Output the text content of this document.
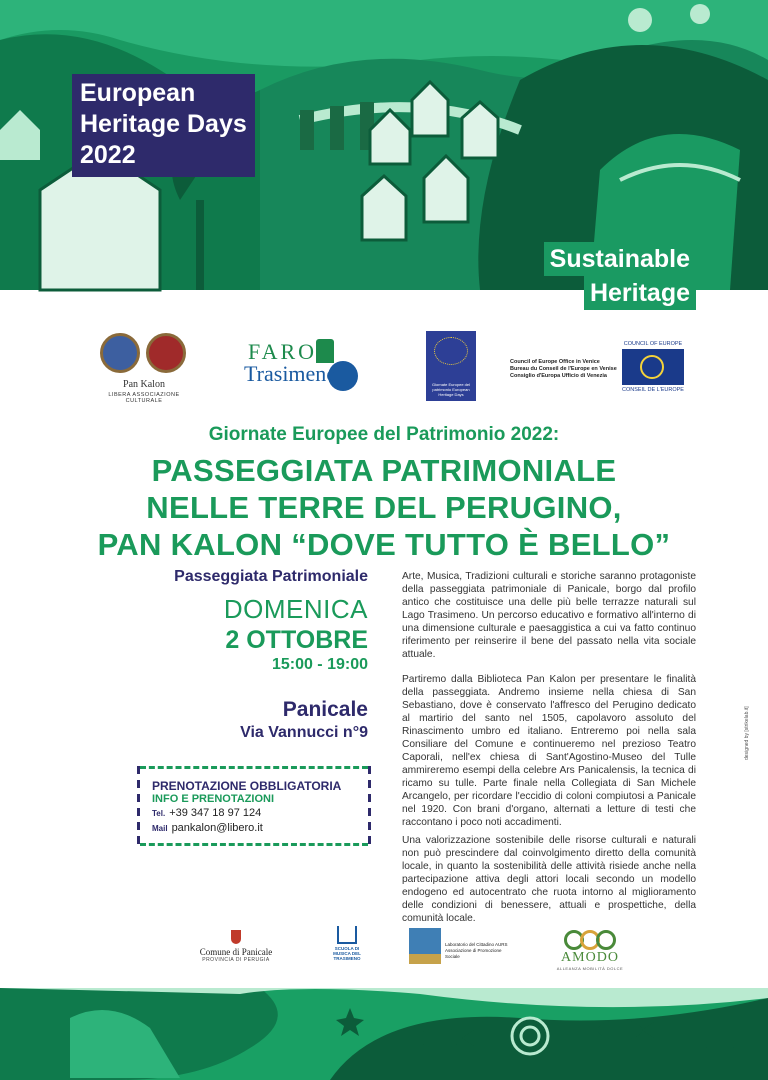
European
Heritage Days
2022
Sustainable
Heritage
Pan Kalon
LIBERA ASSOCIAZIONE CULTURALE
FARO
Trasimeno	Giornate Europee del patrimonio European Heritage Days
Council of Europe Office in Venice
Bureau du Conseil de l'Europe en Venise
Consiglio d'Europa Ufficio di Venezia
COUNCIL OF EUROPE
CONSEIL DE L'EUROPE
Giornate Europee del Patrimonio 2022:
PASSEGGIATA PATRIMONIALE
NELLE TERRE DEL PERUGINO,
PAN KALON “DOVE TUTTO È BELLO”
Passeggiata Patrimoniale
DOMENICA
2 OTTOBRE
15:00 - 19:00
Panicale
Via Vannucci n°9
PRENOTAZIONE OBBLIGATORIA
INFO E PRENOTAZIONI
Tel. +39 347 18 97 124
Mail pankalon@libero.it

Arte, Musica, Tradizioni culturali e storiche saranno protagoniste della passeggiata patrimoniale di Panicale, borgo dal profilo antico che costituisce una delle più belle terrazze naturali sul Lago Trasimeno. Un percorso educativo e formativo all'interno di una dimensione culturale e paesaggistica a cui va fatto continuo riferimento per reinserire il bene del passato nella vita sociale attuale.

Partiremo dalla Biblioteca Pan Kalon per presentare le finalità della passeggiata. Andremo insieme nella chiesa di San Sebastiano, dove è conservato l'affresco del Perugino dedicato al martirio del santo nel 1505, capolavoro assoluto del Rinascimento umbro ed italiano. Entreremo poi nella sala Consiliare del Comune e continueremo nel prezioso Teatro Caporali, nell'ex chiesa di Sant'Agostino-Museo del Tulle ammireremo esempi della celebre Ars Panicalensis, la tecnica di ricamo su tulle. Parte finale nella Collegiata di San Michele Arcangelo, per ricordare l'eccidio di coloni compiutosi a Panicale nel 1920. Con brani d'organo, alternati a letture di testi che raccontano i poco noti accadimenti.

Una valorizzazione sostenibile delle risorse culturali e naturali non può prescindere dal coinvolgimento diretto della comunità locale, in quanto la sostenibilità delle attività risiede anche nella partecipazione attiva degli attori locali secondo un modello endogeno ed autocentrato che ruota intorno al miglioramento delle condizioni di benessere, attuali e prospettiche, della comunità locale.

designed by [strikelab.it]
Comune di Panicale
PROVINCIA DI PERUGIA
SCUOLA DI MUSICA DEL TRASIMENO
Laboratorio del Cittadino AURS Associazione di Promozione Sociale	AMODO
ALLEANZA MOBILITÀ DOLCE
